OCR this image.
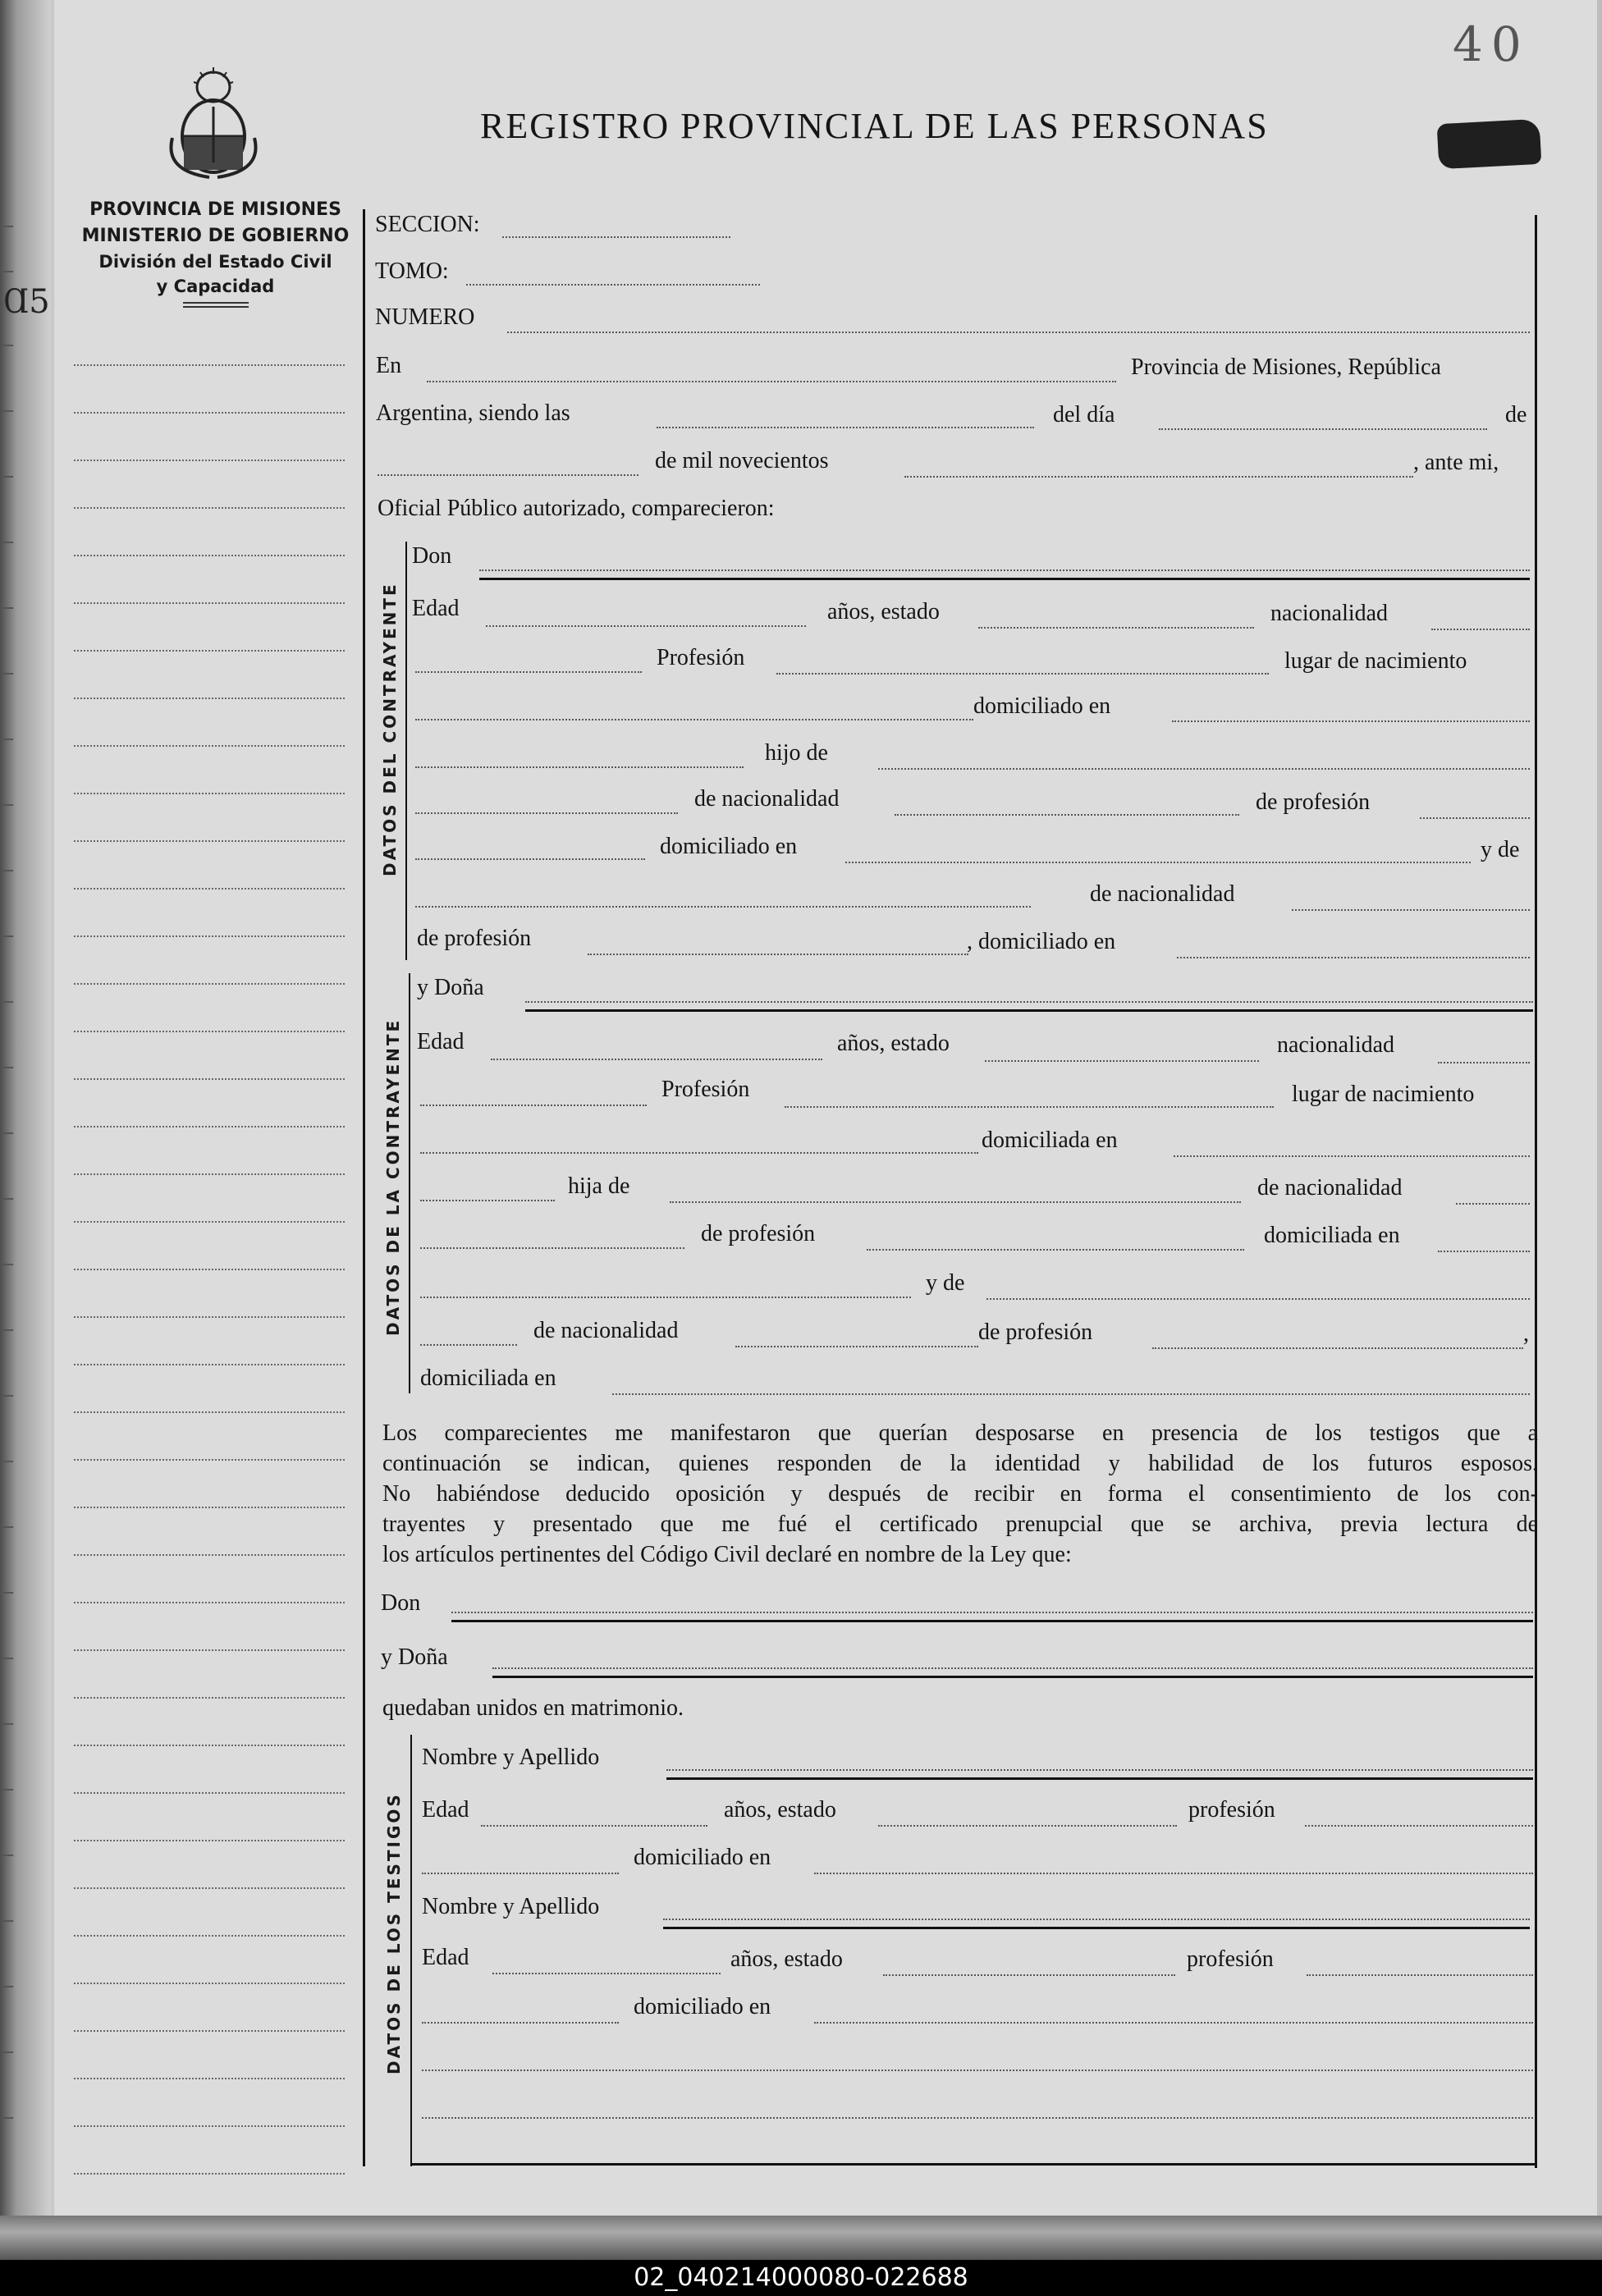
40
REGISTRO PROVINCIAL DE LAS PERSONAS
PROVINCIA DE MISIONES
MINISTERIO DE GOBIERNO
División del Estado Civil
y Capacidad
Ɑ5
SECCION:
TOMO:
NUMERO
En	Provincia de Misiones, República
Argentina, siendo las	del día	de
de mil novecientos	, ante mi,
Oficial Público autorizado, comparecieron:
DATOS DEL CONTRAYENTE
Don
Edad	años, estado	nacionalidad
Profesión	lugar de nacimiento
domiciliado en
hijo de
de nacionalidad	de profesión
domiciliado en	y de
de nacionalidad
de profesión	, domiciliado en
DATOS DE LA CONTRAYENTE
y Doña
Edad	años, estado	nacionalidad
Profesión	lugar de nacimiento
domiciliada en
hija de	de nacionalidad
de profesión	domiciliada en
y de
de nacionalidad	de profesión	,
domiciliada en
Los comparecientes me manifestaron que querían desposarse en presencia de los testigos que a
continuación se indican, quienes responden de la identidad y habilidad de los futuros esposos.
No habiéndose deducido oposición y después de recibir en forma el consentimiento de los con-
trayentes y presentado que me fué el certificado prenupcial que se archiva, previa lectura de
los artículos pertinentes del Código Civil declaré en nombre de la Ley que:
Don
y Doña
quedaban unidos en matrimonio.
DATOS DE LOS TESTIGOS
Nombre y Apellido
Edad	años, estado	profesión
domiciliado en
Nombre y Apellido
Edad	años, estado	profesión
domiciliado en
02_040214000080-022688
